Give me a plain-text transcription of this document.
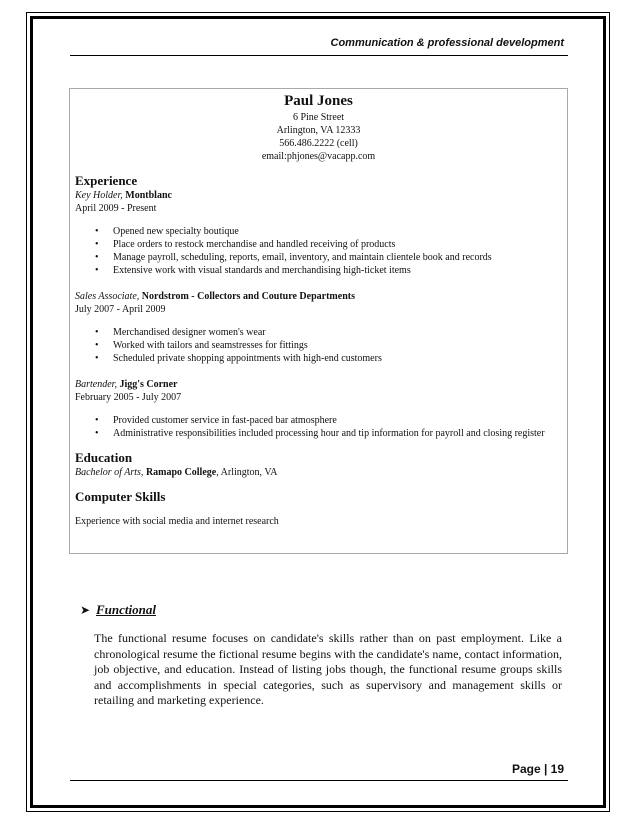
Communication & professional development
Paul Jones
6 Pine Street
Arlington, VA 12333
566.486.2222 (cell)
email:phjones@vacapp.com
Experience
Key Holder, Montblanc
April 2009 - Present
• Opened new specialty boutique
• Place orders to restock merchandise and handled receiving of products
• Manage payroll, scheduling, reports, email, inventory, and maintain clientele book and records
• Extensive work with visual standards and merchandising high-ticket items
Sales Associate, Nordstrom - Collectors and Couture Departments
July 2007 - April 2009
• Merchandised designer women's wear
• Worked with tailors and seamstresses for fittings
• Scheduled private shopping appointments with high-end customers
Bartender, Jigg's Corner
February 2005 - July 2007
• Provided customer service in fast-paced bar atmosphere
• Administrative responsibilities included processing hour and tip information for payroll and closing register
Education
Bachelor of Arts, Ramapo College, Arlington, VA
Computer Skills
Experience with social media and internet research
➤ Functional
The functional resume focuses on candidate's skills rather than on past employment. Like a chronological resume the fictional resume begins with the candidate's name, contact information, job objective, and education. Instead of listing jobs though, the functional resume groups skills and accomplishments in special categories, such as supervisory and management skills or retailing and marketing experience.
Page | 19
